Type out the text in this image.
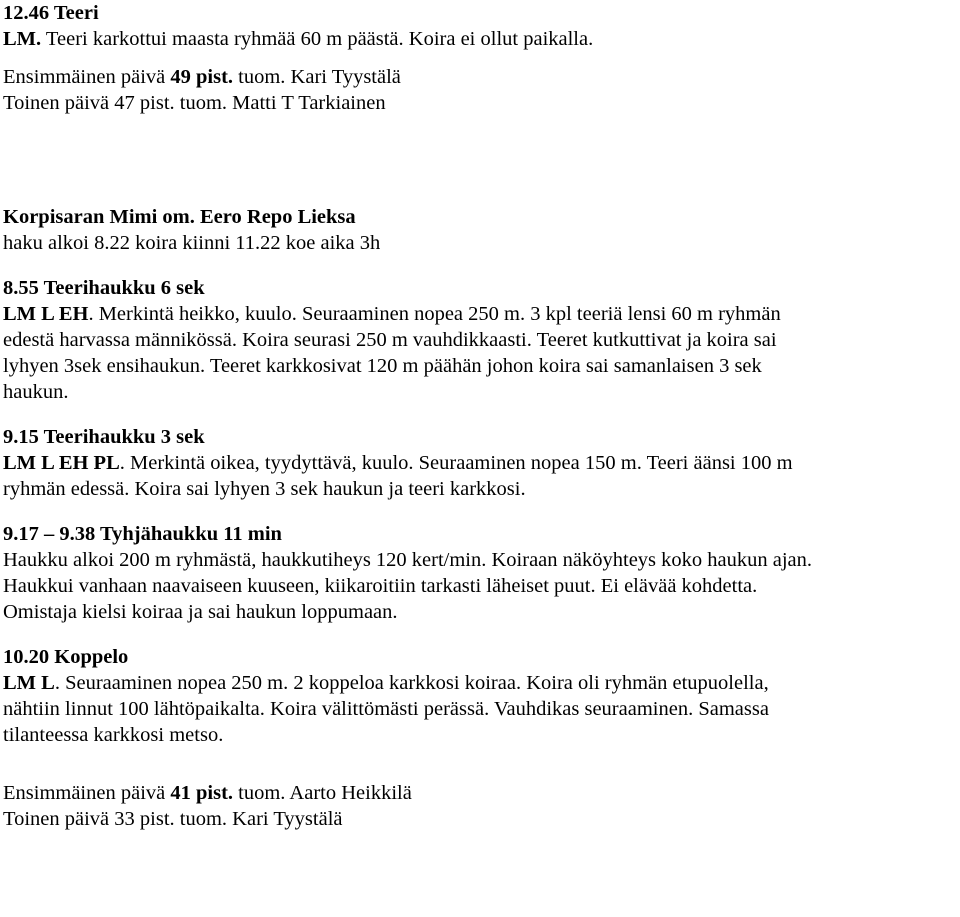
12.46 Teeri
LM. Teeri karkottui maasta ryhmää 60 m päästä. Koira ei ollut paikalla.
Ensimmäinen päivä 49 pist. tuom. Kari Tyystälä
Toinen päivä 47 pist. tuom. Matti T Tarkiainen
Korpisaran Mimi om. Eero Repo Lieksa
haku alkoi 8.22 koira kiinni 11.22 koe aika 3h
8.55 Teerihaukku 6 sek
LM L EH. Merkintä heikko, kuulo. Seuraaminen nopea 250 m. 3 kpl teeriä lensi 60 m ryhmän
edestä harvassa männikössä. Koira seurasi 250 m vauhdikkaasti. Teeret kutkuttivat ja koira sai
lyhyen 3sek ensihaukun. Teeret karkkosivat 120 m päähän johon koira sai samanlaisen 3 sek
haukun.
9.15 Teerihaukku 3 sek
LM L EH PL. Merkintä oikea, tyydyttävä, kuulo. Seuraaminen nopea 150 m. Teeri äänsi 100 m
ryhmän edessä. Koira sai lyhyen 3 sek haukun ja teeri karkkosi.
9.17 – 9.38 Tyhjähaukku 11 min
Haukku alkoi 200 m ryhmästä, haukkutiheys 120 kert/min. Koiraan näköyhteys koko haukun ajan.
Haukkui vanhaan naavaiseen kuuseen, kiikaroitiin tarkasti läheiset puut. Ei elävää kohdetta.
Omistaja kielsi koiraa ja sai haukun loppumaan.
10.20 Koppelo
LM L. Seuraaminen nopea 250 m. 2 koppeloa karkkosi koiraa. Koira oli ryhmän etupuolella,
nähtiin linnut 100 lähtöpaikalta. Koira välittömästi perässä. Vauhdikas seuraaminen. Samassa
tilanteessa karkkosi metso.
Ensimmäinen päivä 41 pist. tuom. Aarto Heikkilä
Toinen päivä 33 pist. tuom. Kari Tyystälä
